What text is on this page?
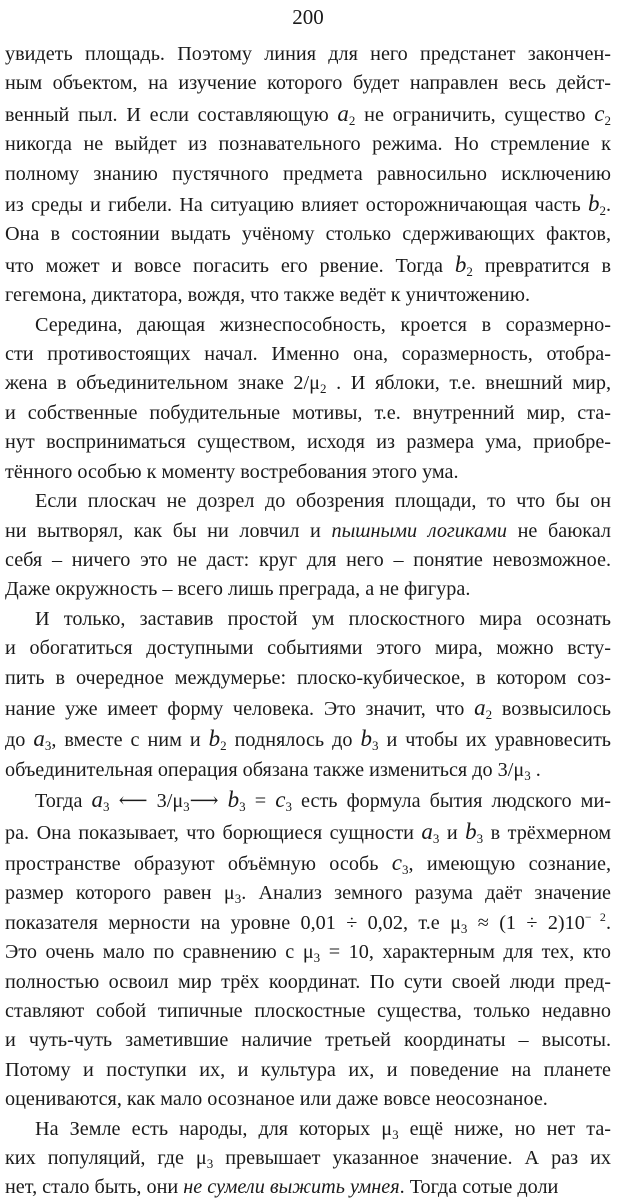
200
увидеть площадь. Поэтому линия для него предстанет закончен-
ным объектом, на изучение которого будет направлен весь дейст-
венный пыл. И если составляющую $a_2$ не ограничить, существо $c_2$
никогда не выйдет из познавательного режима. Но стремление к
полному знанию пустячного предмета равносильно исключению
из среды и гибели. На ситуацию влияет осторожничающая часть $b_2$.
Она в состоянии выдать учёному столько сдерживающих фактов,
что может и вовсе погасить его рвение. Тогда $b_2$ превратится в
гегемона, диктатора, вождя, что также ведёт к уничтожению.
Середина, дающая жизнеспособность, кроется в соразмерно-
сти противостоящих начал. Именно она, соразмерность, отобра-
жена в объединительном знаке $2/\mu_2$ . И яблоки, т.е. внешний мир,
и собственные побудительные мотивы, т.е. внутренний мир, ста-
нут восприниматься существом, исходя из размера ума, приобре-
тённого особью к моменту востребования этого ума.
Если плоскач не дозрел до обозрения площади, то что бы он
ни вытворял, как бы ни ловчил и пышными логиками не баюкал
себя – ничего это не даст: круг для него – понятие невозможное.
Даже окружность – всего лишь преграда, а не фигура.
И только, заставив простой ум плоскостного мира осознать
и обогатиться доступными событиями этого мира, можно всту-
пить в очередное междумерье: плоско-кубическое, в котором соз-
нание уже имеет форму человека. Это значит, что $a_2$ возвысилось
до $a_3$, вместе с ним и $b_2$ поднялось до $b_3$ и чтобы их уравновесить
объединительная операция обязана также измениться до $3/\mu_3$ .
Тогда $a_3$ ⟵ $3/\mu_3⟶$ $b_3 = c_3$ есть формула бытия людского ми-
ра. Она показывает, что борющиеся сущности $a_3$ и $b_3$ в трёхмерном
пространстве образуют объёмную особь $c_3$, имеющую сознание,
размер которого равен $\mu_3$. Анализ земного разума даёт значение
показателя мерности на уровне 0,01 ÷ 0,02, т.е $\mu_3 \approx (1 \div 2)10^{- 2}$.
Это очень мало по сравнению с $\mu_3 = 10$, характерным для тех, кто
полностью освоил мир трёх координат. По сути своей люди пред-
ставляют собой типичные плоскостные существа, только недавно
и чуть-чуть заметившие наличие третьей координаты – высоты.
Потому и поступки их, и культура их, и поведение на планете
оцениваются, как мало осознаное или даже вовсе неосознаное.
На Земле есть народы, для которых $\mu_3$ ещё ниже, но нет та-
ких популяций, где $\mu_3$ превышает указанное значение. А раз их
нет, стало быть, они не сумели выжить умнея. Тогда сотые доли
